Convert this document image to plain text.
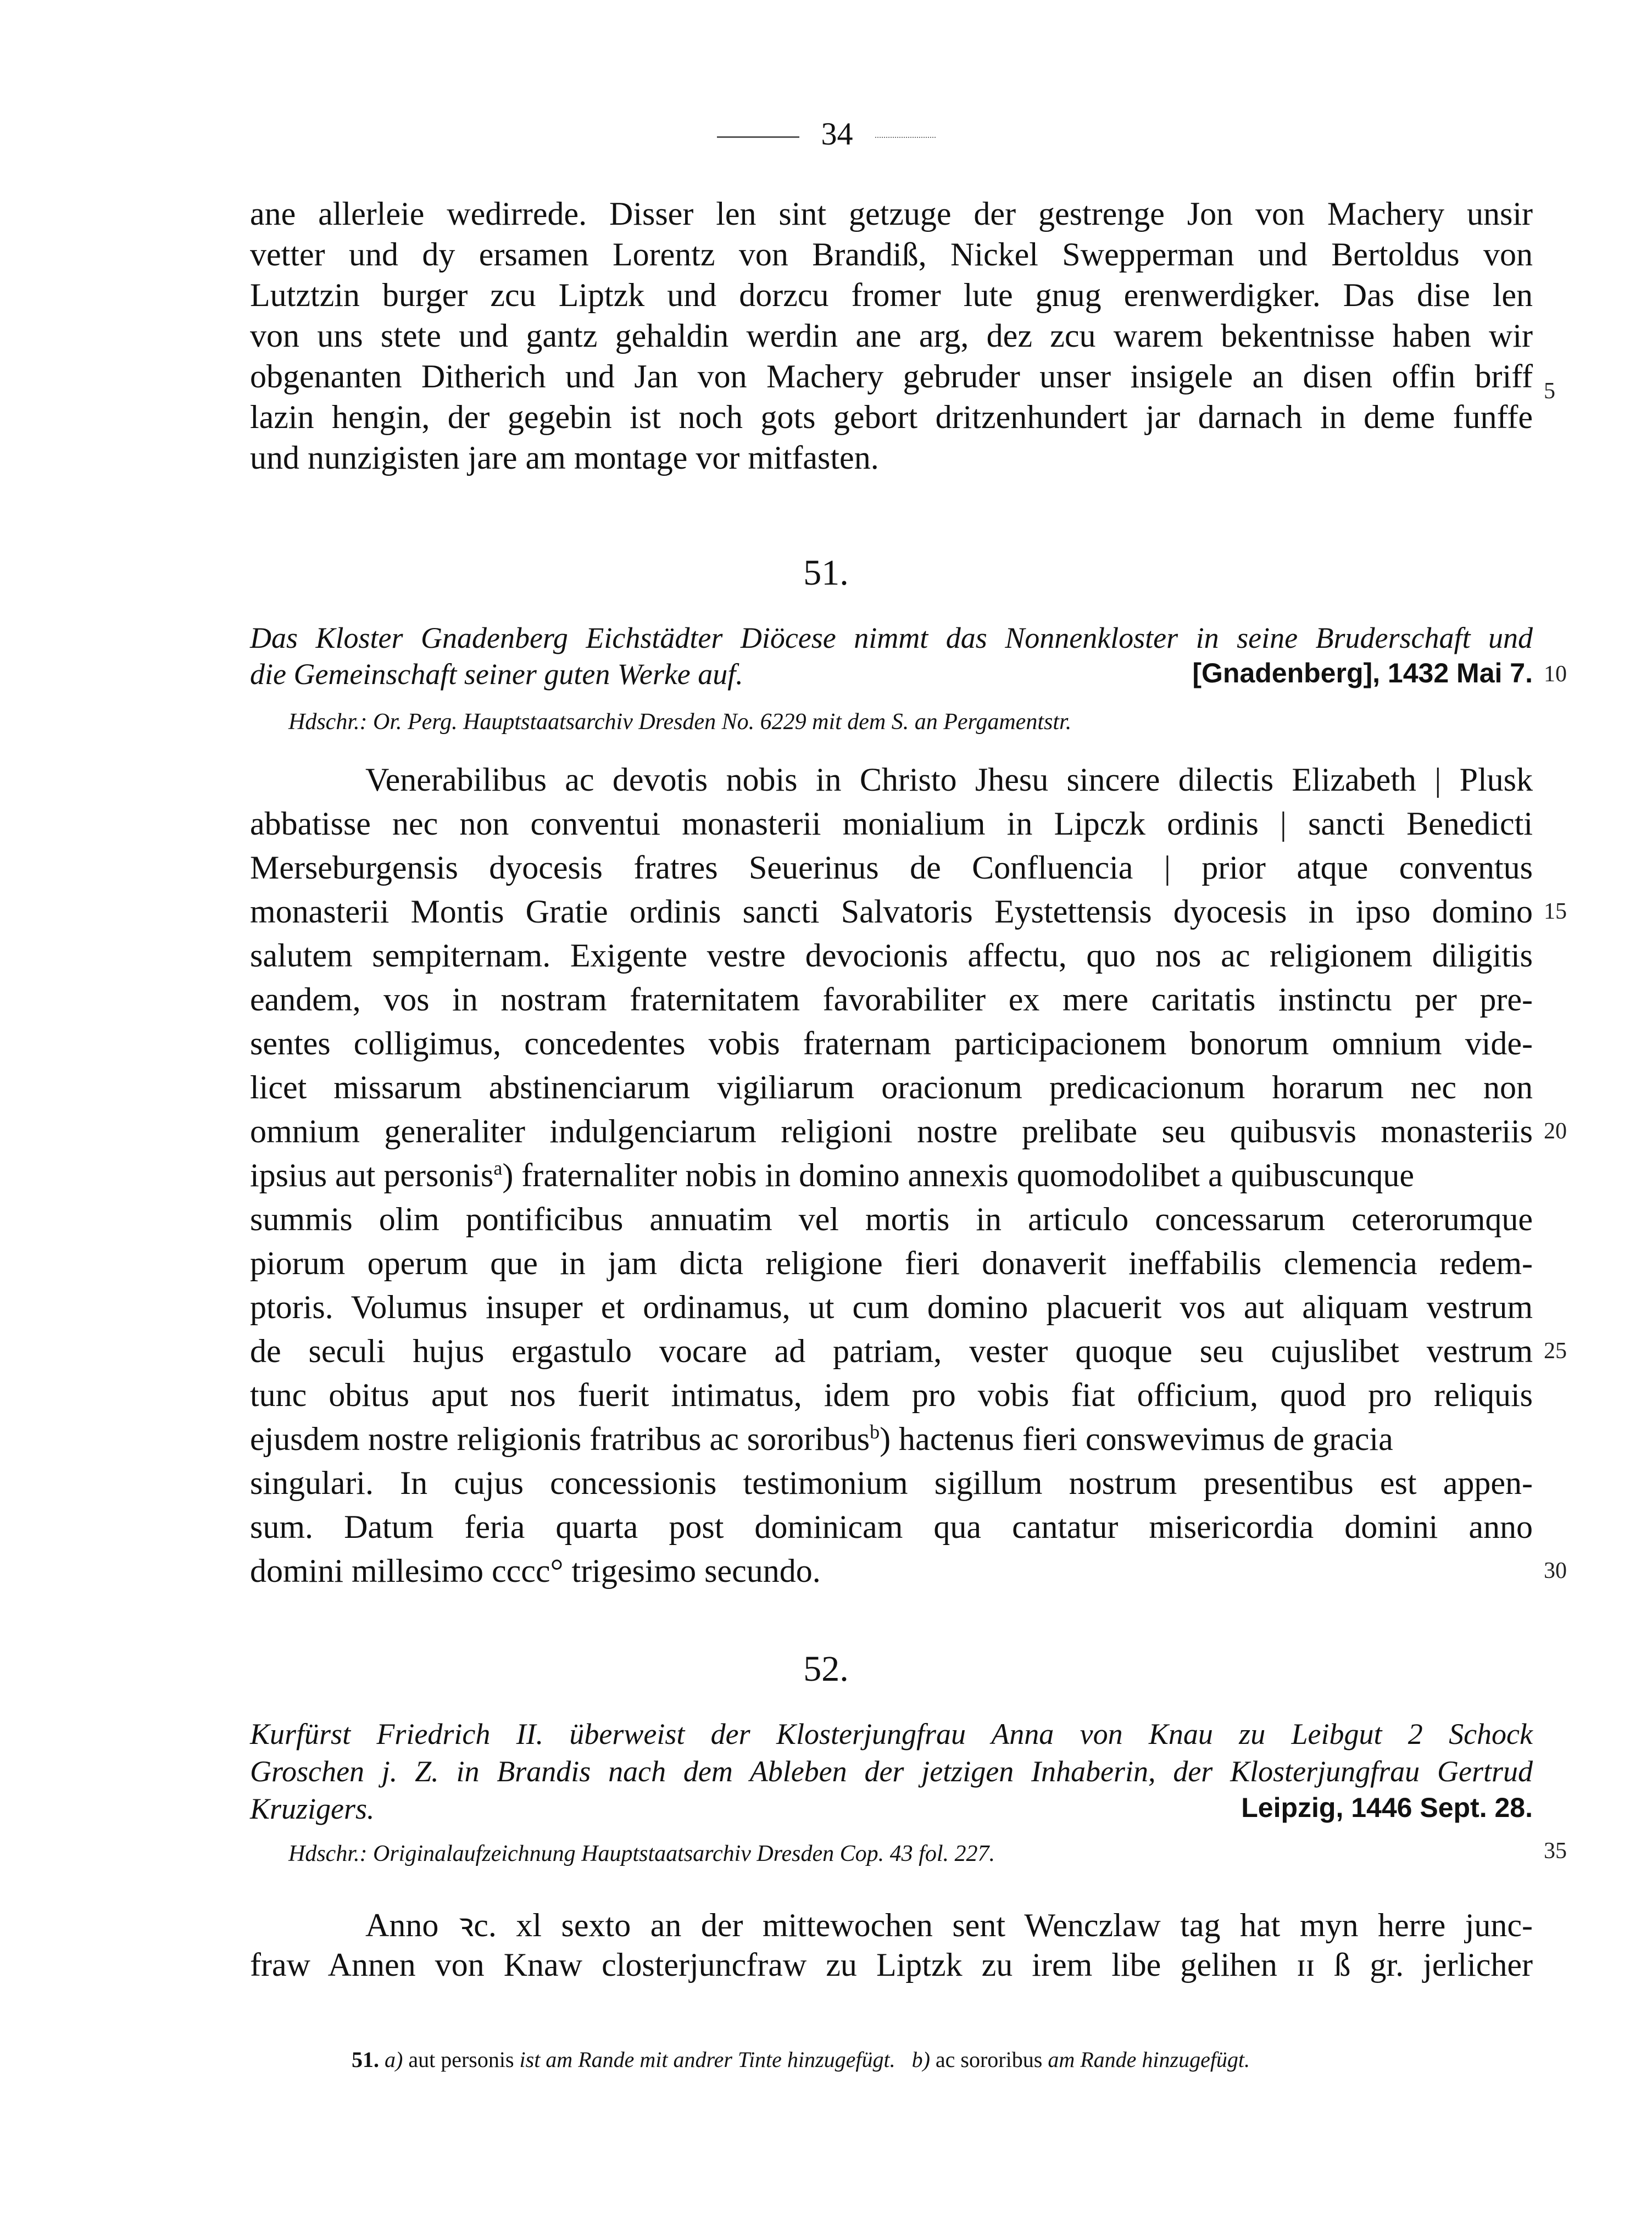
34
ane allerleie wedirrede. Disser len sint getzuge der gestrenge Jon von Machery unsir
vetter und dy ersamen Lorentz von Brandiß, Nickel Swepperman und Bertoldus von
Lutztzin burger zcu Liptzk und dorzcu fromer lute gnug erenwerdigker. Das dise len
von uns stete und gantz gehaldin werdin ane arg, dez zcu warem bekentnisse haben wir
obgenanten Ditherich und Jan von Machery gebruder unser insigele an disen offin briff
lazin hengin, der gegebin ist noch gots gebort dritzenhundert jar darnach in deme funffe
und nunzigisten jare am montage vor mitfasten.
51.
Das Kloster Gnadenberg Eichstädter Diöcese nimmt das Nonnenkloster in seine Bruderschaft und
die Gemeinschaft seiner guten Werke auf.	[Gnadenberg], 1432 Mai 7.
Hdschr.: Or. Perg. Hauptstaatsarchiv Dresden No. 6229 mit dem S. an Pergamentstr.
Venerabilibus ac devotis nobis in Christo Jhesu sincere dilectis Elizabeth | Plusk
abbatisse nec non conventui monasterii monialium in Lipczk ordinis | sancti Benedicti
Merseburgensis dyocesis fratres Seuerinus de Confluencia | prior atque conventus
monasterii Montis Gratie ordinis sancti Salvatoris Eystettensis dyocesis in ipso domino
salutem sempiternam. Exigente vestre devocionis affectu, quo nos ac religionem diligitis
eandem, vos in nostram fraternitatem favorabiliter ex mere caritatis instinctu per pre-
sentes colligimus, concedentes vobis fraternam participacionem bonorum omnium vide-
licet missarum abstinenciarum vigiliarum oracionum predicacionum horarum nec non
omnium generaliter indulgenciarum religioni nostre prelibate seu quibusvis monasteriis
ipsius aut personis$^a$) fraternaliter nobis in domino annexis quomodolibet a quibuscunque
summis olim pontificibus annuatim vel mortis in articulo concessarum ceterorumque
piorum operum que in jam dicta religione fieri donaverit ineffabilis clemencia redem-
ptoris. Volumus insuper et ordinamus, ut cum domino placuerit vos aut aliquam vestrum
de seculi hujus ergastulo vocare ad patriam, vester quoque seu cujuslibet vestrum
tunc obitus aput nos fuerit intimatus, idem pro vobis fiat officium, quod pro reliquis
ejusdem nostre religionis fratribus ac sororibus$^b$) hactenus fieri conswevimus de gracia
singulari. In cujus concessionis testimonium sigillum nostrum presentibus est appen-
sum. Datum feria quarta post dominicam qua cantatur misericordia domini anno
domini millesimo cccc° trigesimo secundo.
52.
Kurfürst Friedrich II. überweist der Klosterjungfrau Anna von Knau zu Leibgut 2 Schock
Groschen j. Z. in Brandis nach dem Ableben der jetzigen Inhaberin, der Klosterjungfrau Gertrud
Kruzigers.	Leipzig, 1446 Sept. 28.
Hdschr.: Originalaufzeichnung Hauptstaatsarchiv Dresden Cop. 43 fol. 227.
Anno ꝛc. xl sexto an der mittewochen sent Wenczlaw tag hat myn herre junc-
fraw Annen von Knaw closterjuncfraw zu Liptzk zu irem libe gelihen ɪɪ ß gr. jerlicher
5
10
15
20
25
30
35
51. a) aut personis ist am Rande mit andrer Tinte hinzugefügt. b) ac sororibus am Rande hinzugefügt.
